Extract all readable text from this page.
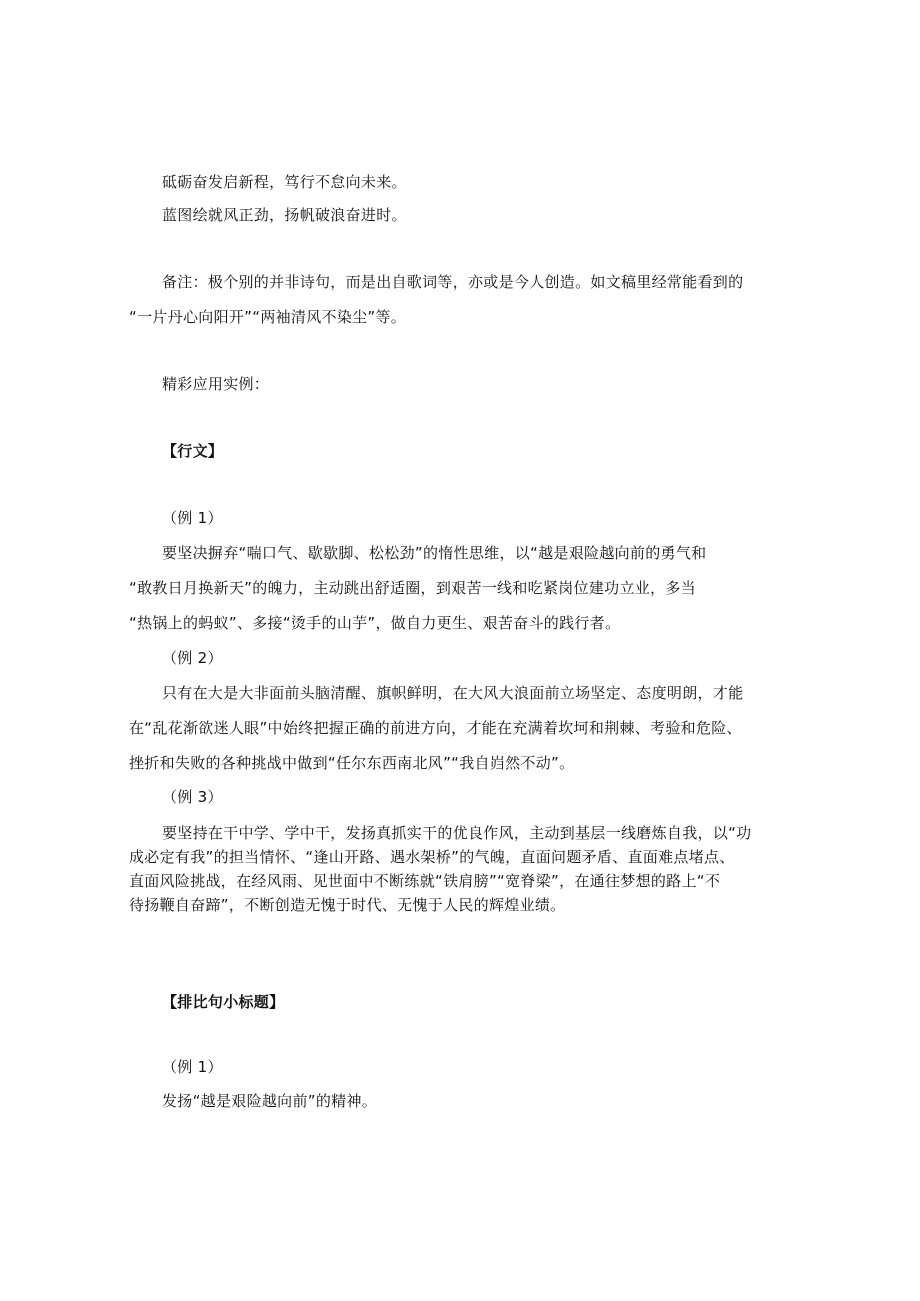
砥砺奋发启新程，笃行不怠向未来。
蓝图绘就风正劲，扬帆破浪奋进时。
备注：极个别的并非诗句，而是出自歌词等，亦或是今人创造。如文稿里经常能看到的
“一片丹心向阳开”“两袖清风不染尘”等。
精彩应用实例：
【行文】
（例 1）
要坚决摒弃“喘口气、歇歇脚、松松劲”的惰性思维，以“越是艰险越向前的勇气和
“敢教日月换新天”的魄力，主动跳出舒适圈，到艰苦一线和吃紧岗位建功立业，多当
“热锅上的蚂蚁”、多接“烫手的山芋”，做自力更生、艰苦奋斗的践行者。
（例 2）
只有在大是大非面前头脑清醒、旗帜鲜明，在大风大浪面前立场坚定、态度明朗，才能
在“乱花渐欲迷人眼”中始终把握正确的前进方向，才能在充满着坎坷和荆棘、考验和危险、
挫折和失败的各种挑战中做到“任尔东西南北风”“我自岿然不动”。
（例 3）
要坚持在干中学、学中干，发扬真抓实干的优良作风，主动到基层一线磨炼自我，以“功
成必定有我”的担当情怀、“逢山开路、遇水架桥”的气魄，直面问题矛盾、直面难点堵点、
直面风险挑战，在经风雨、见世面中不断练就“铁肩膀”“宽脊梁”，在通往梦想的路上“不
待扬鞭自奋蹄”，不断创造无愧于时代、无愧于人民的辉煌业绩。
【排比句小标题】
（例 1）
发扬“越是艰险越向前”的精神。
